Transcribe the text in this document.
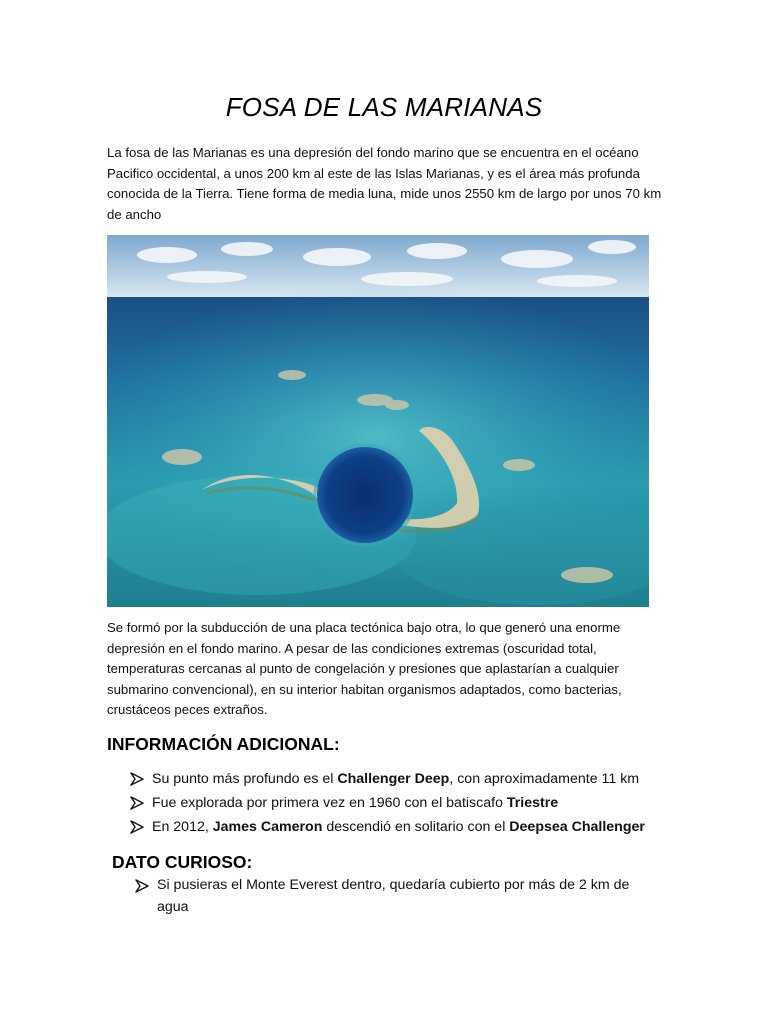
FOSA DE LAS MARIANAS
La fosa de las Marianas es una depresión del fondo marino que se encuentra en el océano Pacifico occidental, a unos 200 km al este de las Islas Marianas, y es el área más profunda conocida de la Tierra. Tiene forma de media luna, mide unos 2550 km de largo por unos 70 km de ancho
Se formó por la subducción de una placa tectónica bajo otra, lo que generó una enorme depresión en el fondo marino. A pesar de las condiciones extremas (oscuridad total, temperaturas cercanas al punto de congelación y presiones que aplastarían a cualquier submarino convencional), en su interior habitan organismos adaptados, como bacterias, crustáceos peces extraños.
INFORMACIÓN ADICIONAL:
Su punto más profundo es el Challenger Deep, con aproximadamente 11 km
Fue explorada por primera vez en 1960 con el batiscafo Triestre
En 2012, James Cameron descendió en solitario con el Deepsea Challenger
DATO CURIOSO:
Si pusieras el Monte Everest dentro, quedaría cubierto por más de 2 km de agua
